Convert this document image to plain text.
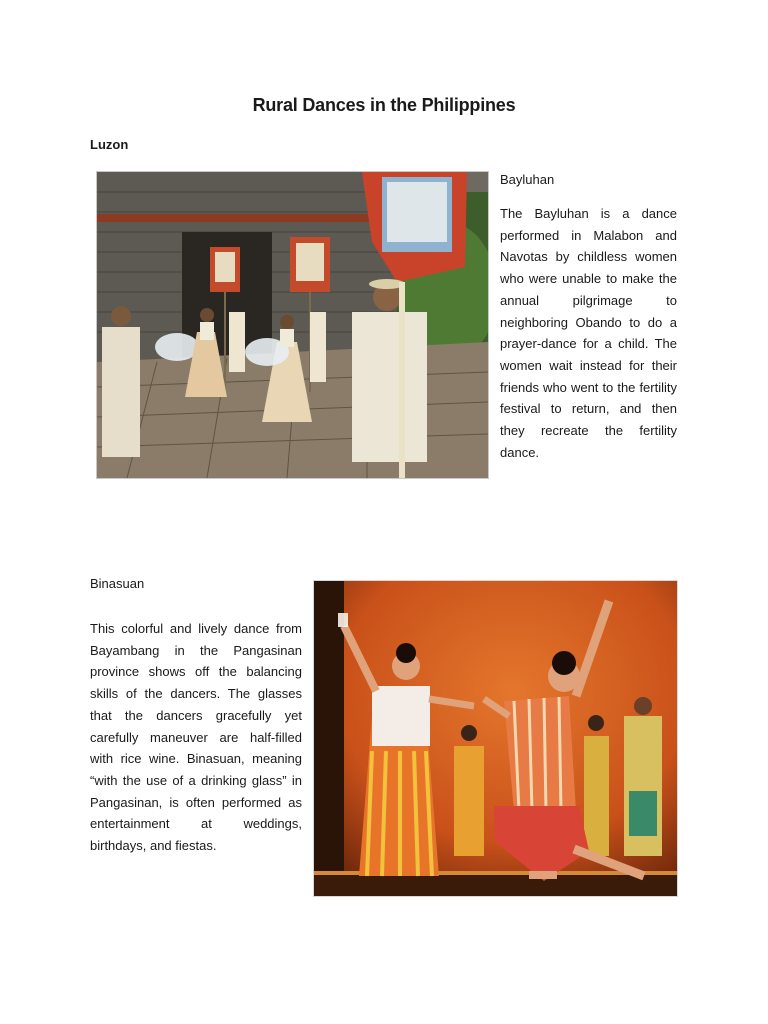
Rural Dances in the Philippines
Luzon
Bayluhan
The Bayluhan is a dance performed in Malabon and Navotas by childless women who were unable to make the annual pilgrimage to neighboring Obando to do a prayer-dance for a child. The women wait instead for their friends who went to the fertility festival to return, and then they recreate the fertility dance.
Binasuan
This colorful and lively dance from Bayambang in the Pangasinan province shows off the balancing skills of the dancers. The glasses that the dancers gracefully yet carefully maneuver are half-filled with rice wine. Binasuan, meaning “with the use of a drinking glass” in Pangasinan, is often performed as entertainment at weddings, birthdays, and fiestas.
